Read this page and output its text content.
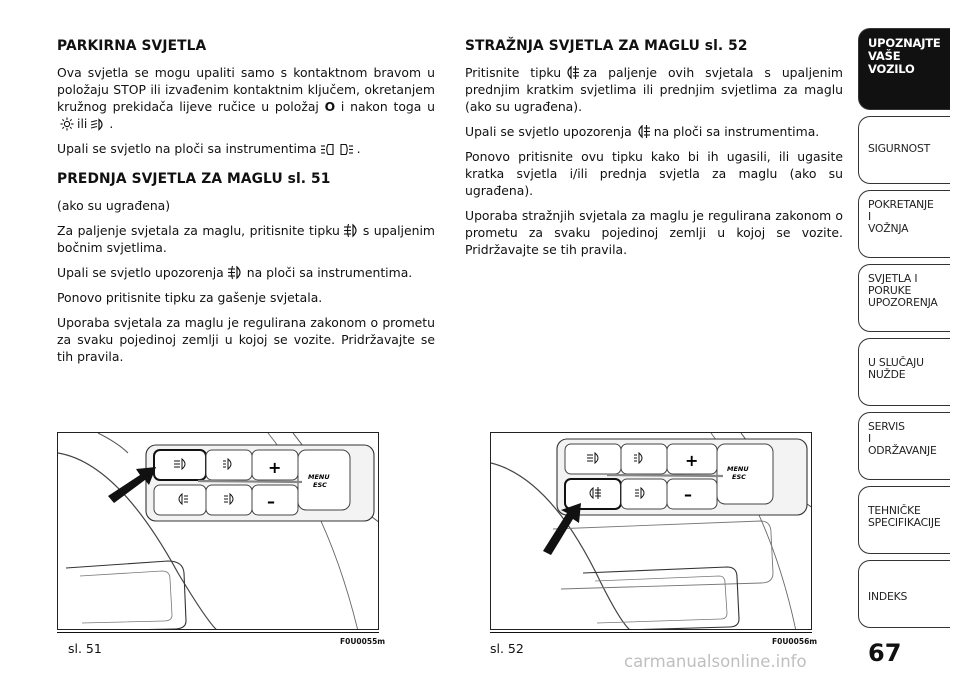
PARKIRNA SVJETLA

Ova svjetla se mogu upaliti samo s kontaktnom bravom u položaju STOP ili izvađenim kontaktnim ključem, okretanjem kružnog prekidača lijeve ručice u položaj O i nakon toga uili .

Upali se svjetlo na ploči sa instrumentima	.

PREDNJA SVJETLA ZA MAGLU sl. 51

(ako su ugrađena)

Za paljenje svjetala za maglu, pritisnite tipku s upaljenim bočnim svjetlima.

Upali se svjetlo upozorenja na ploči sa instrumentima.

Ponovo pritisnite tipku za gašenje svjetala.

Uporaba svjetala za maglu je regulirana zakonom o prometu za svaku pojedinoj zemlji u kojoj se vozite. Pridržavajte se tih pravila.

STRAŽNJA SVJETLA ZA MAGLU sl. 52

Pritisnite tipku za paljenje ovih svjetala s upaljenim prednjim kratkim svjetlima ili prednjim svjetlima za maglu (ako su ugrađena).

Upali se svjetlo upozorenja na ploči sa instrumentima.

Ponovo pritisnite ovu tipku kako bi ih ugasili, ili ugasite kratka svjetla i/ili prednja svjetla za maglu (ako su ugrađena).

Uporaba stražnjih svjetala za maglu je regulirana zakonom o prometu za svaku pojedinoj zemlji u kojoj se vozite. Pridržavajte se tih pravila.

+
–
MENU
ESC
sl. 51	F0U0055m
+
–
MENU
ESC
sl. 52	F0U0056m
UPOZNAJTE
VAŠE
VOZILO
SIGURNOST
POKRETANJE
I
VOŽNJA
SVJETLA I
PORUKE
UPOZORENJA
U SLUČAJU
NUŽDE
SERVIS
I
ODRŽAVANJE
TEHNIČKE
SPECIFIKACIJE
INDEKS
67
carmanualsonline.info
